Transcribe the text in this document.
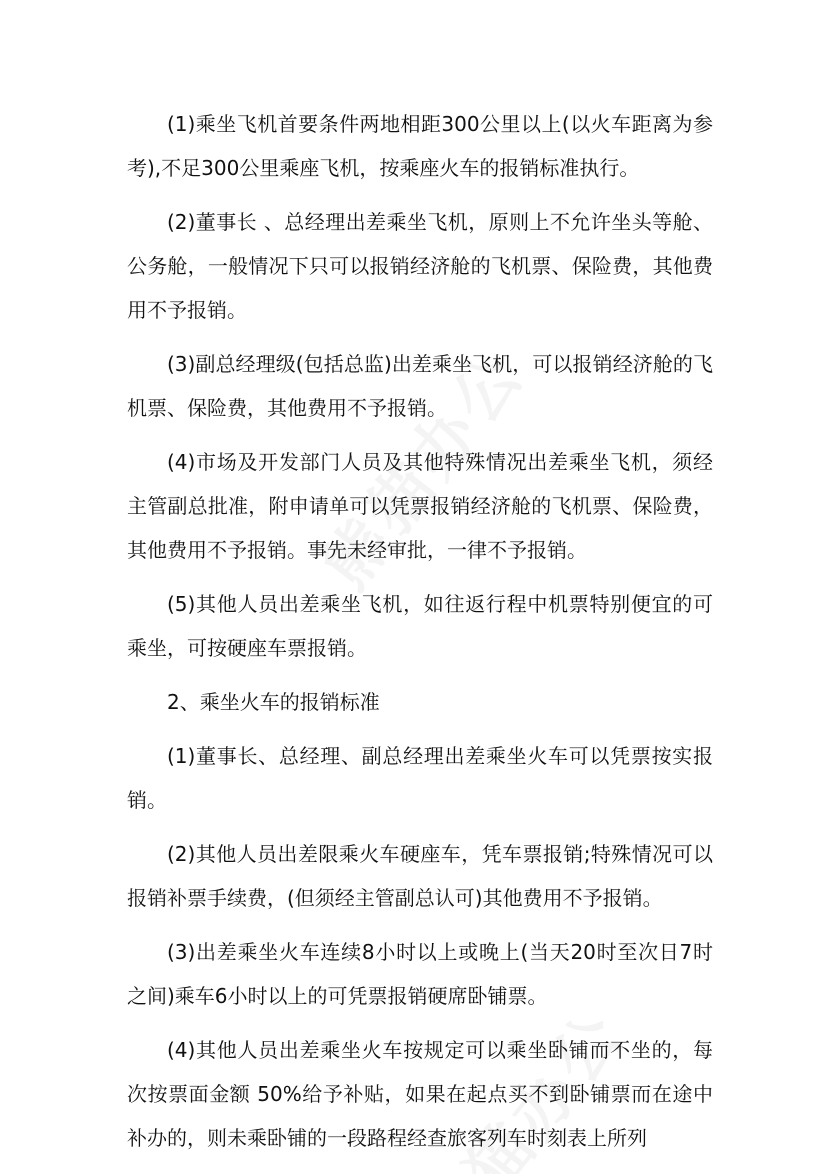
(1)乘坐飞机首要条件两地相距300公里以上(以火车距离为参考),不足300公里乘座飞机，按乘座火车的报销标准执行。

(2)董事长 、总经理出差乘坐飞机，原则上不允许坐头等舱、公务舱，一般情况下只可以报销经济舱的飞机票、保险费，其他费用不予报销。

(3)副总经理级(包括总监)出差乘坐飞机，可以报销经济舱的飞机票、保险费，其他费用不予报销。

(4)市场及开发部门人员及其他特殊情况出差乘坐飞机，须经主管副总批准，附申请单可以凭票报销经济舱的飞机票、保险费，其他费用不予报销。事先未经审批，一律不予报销。

(5)其他人员出差乘坐飞机，如往返行程中机票特别便宜的可乘坐，可按硬座车票报销。

2、乘坐火车的报销标准

(1)董事长、总经理、副总经理出差乘坐火车可以凭票按实报销。

(2)其他人员出差限乘火车硬座车，凭车票报销;特殊情况可以报销补票手续费，(但须经主管副总认可)其他费用不予报销。

(3)出差乘坐火车连续8小时以上或晚上(当天20时至次日7时之间)乘车6小时以上的可凭票报销硬席卧铺票。

(4)其他人员出差乘坐火车按规定可以乘坐卧铺而不坐的，每次按票面金额 50%给予补贴，如果在起点买不到卧铺票而在途中补办的，则未乘卧铺的一段路程经查旅客列车时刻表上所列
